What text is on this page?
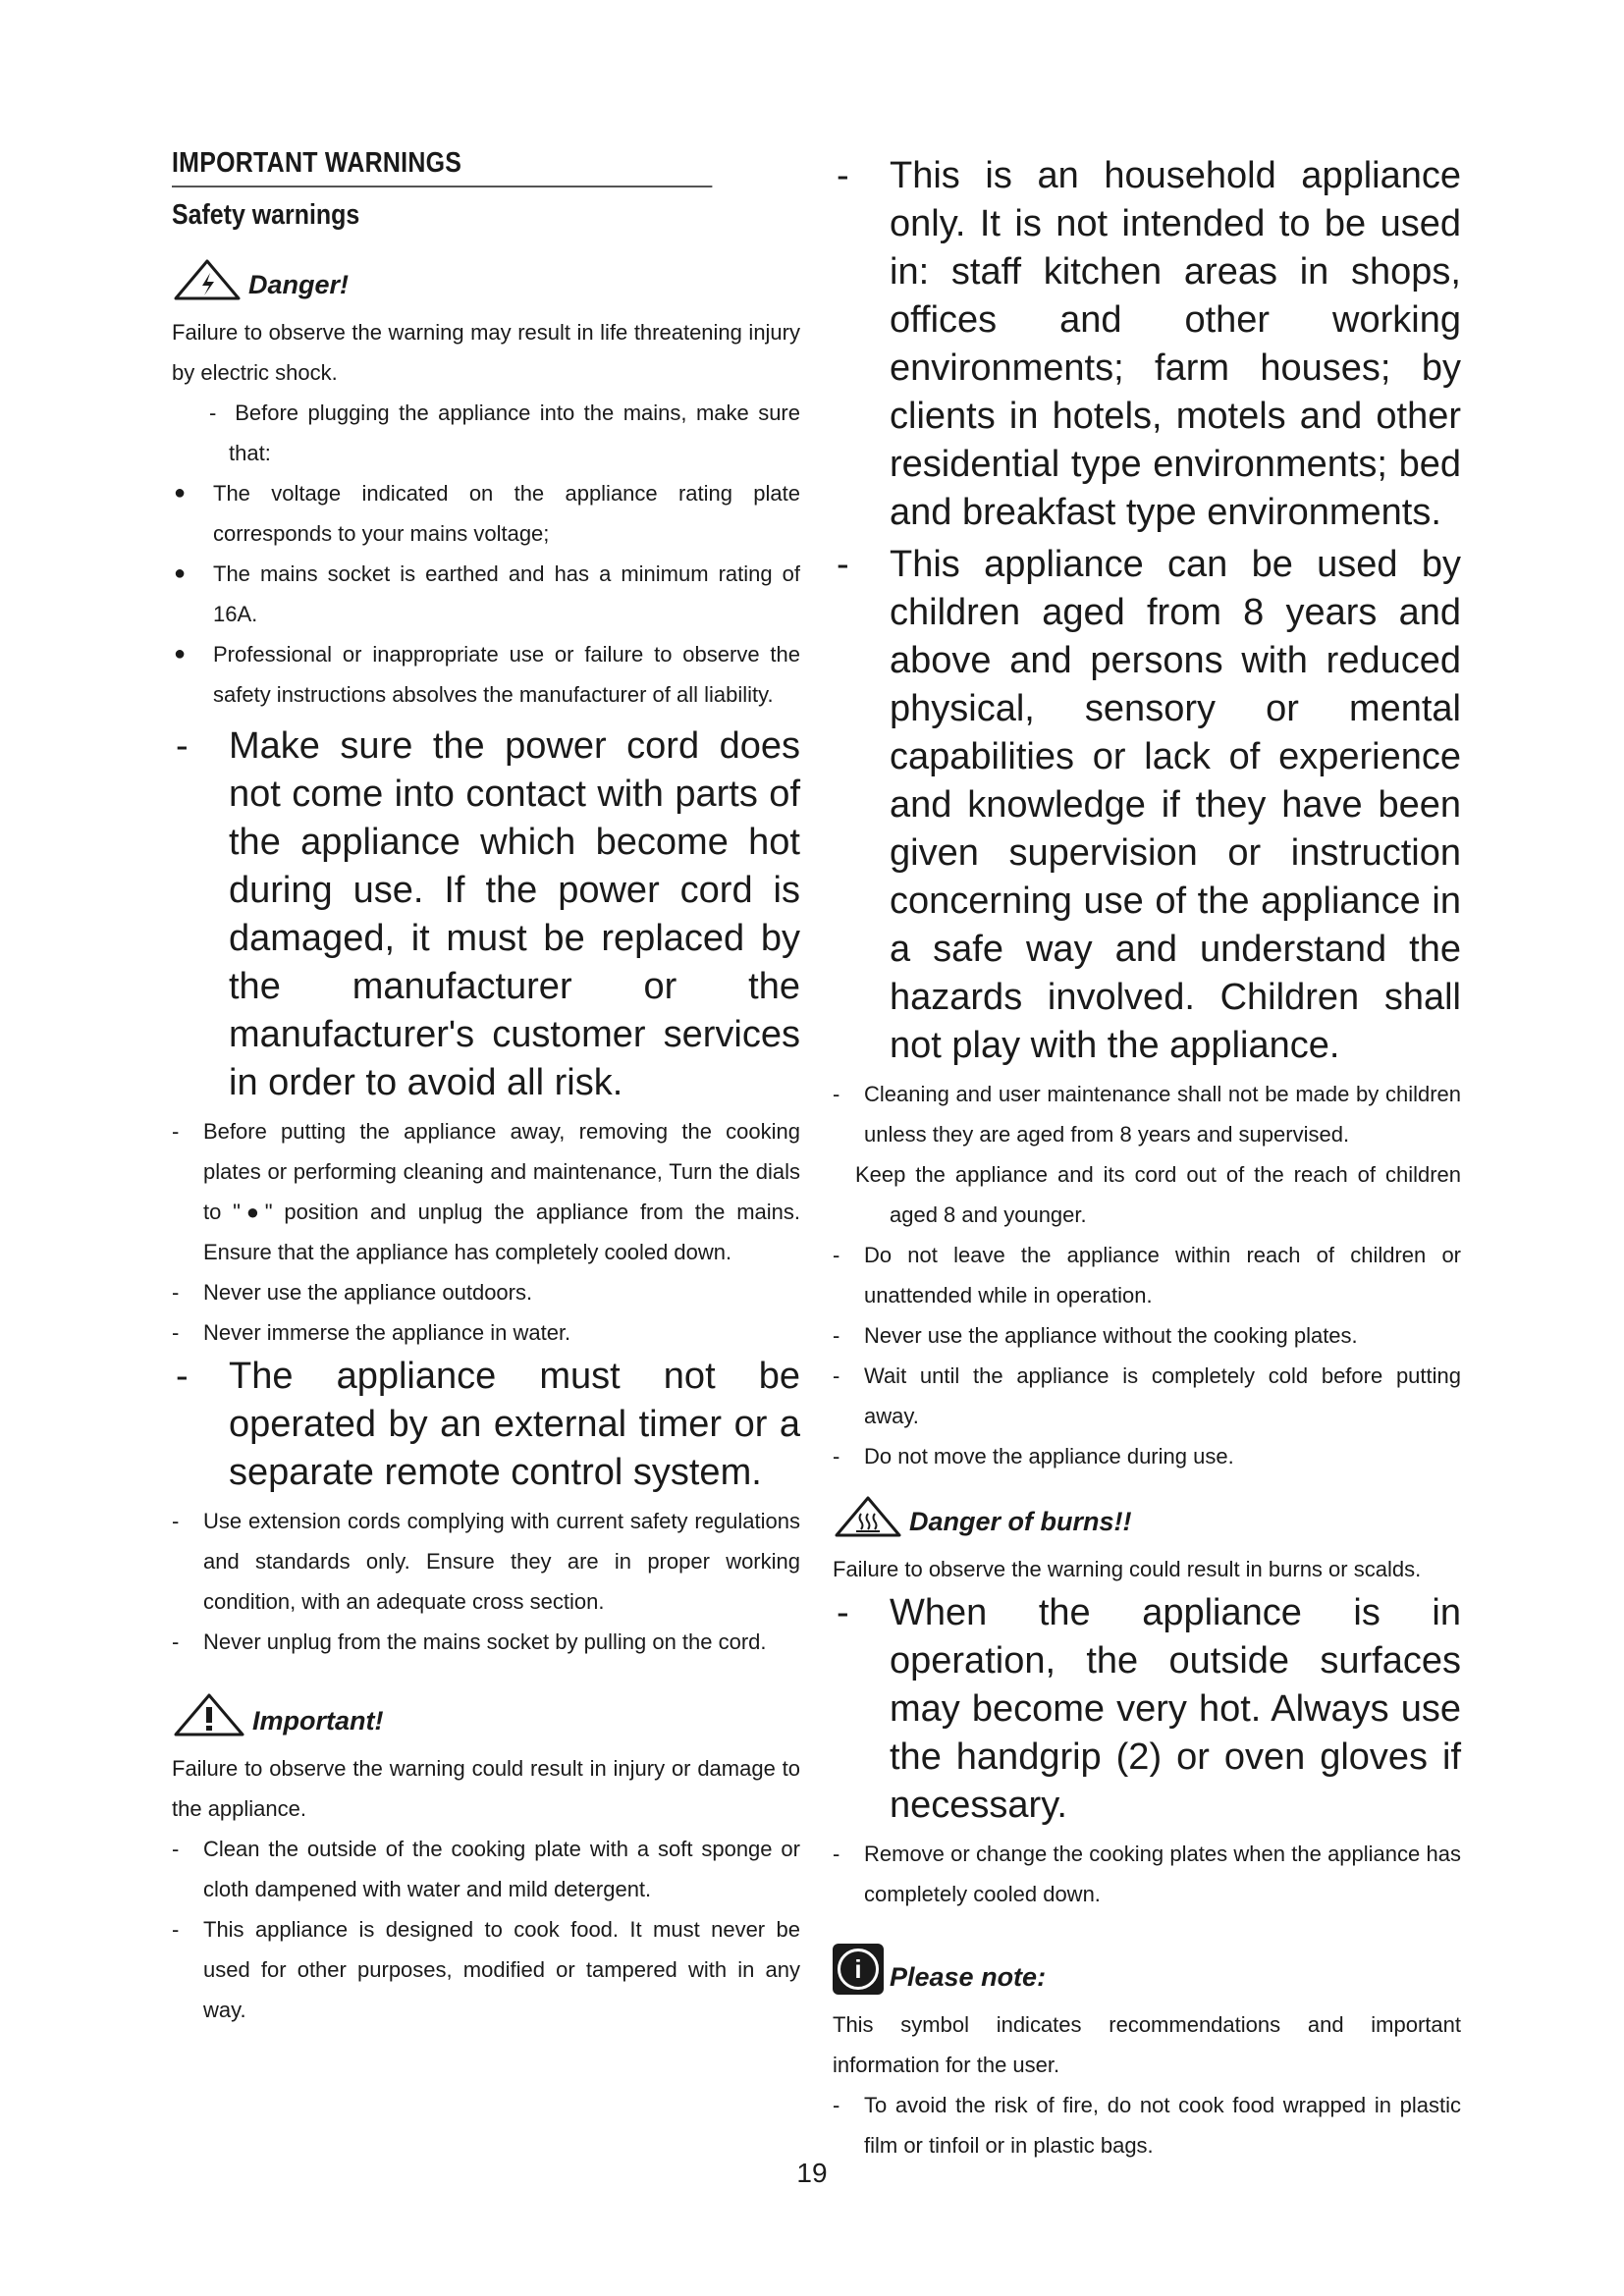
IMPORTANT WARNINGS
Safety warnings
Danger!

Failure to observe the warning may result in life threatening injury by electric shock.

-  Before plugging the appliance into the mains, make sure that:
● The voltage indicated on the appliance rating plate corresponds to your mains voltage;
● The mains socket is earthed and has a minimum rating of 16A.
● Professional or inappropriate use or failure to observe the safety instructions absolves the manufacturer of all liability.
- Make sure the power cord does not come into contact with parts of the appliance which become hot during use. If the power cord is damaged, it must be replaced by the manufacturer or the manufacturer's customer services in order to avoid all risk.
- Before putting the appliance away, removing the cooking plates or performing cleaning and maintenance, Turn the dials to "●" position and unplug the appliance from the mains. Ensure that the appliance has completely cooled down.
- Never use the appliance outdoors.
- Never immerse the appliance in water.
- The appliance must not be operated by an external timer or a separate remote control system.
- Use extension cords complying with current safety regulations and standards only. Ensure they are in proper working condition, with an adequate cross section.
- Never unplug from the mains socket by pulling on the cord.
Important!

Failure to observe the warning could result in injury or damage to the appliance.

- Clean the outside of the cooking plate with a soft sponge or cloth dampened with water and mild detergent.
- This appliance is designed to cook food. It must never be used for other purposes, modified or tampered with in any way.
- This is an household appliance only. It is not intended to be used in: staff kitchen areas in shops, offices and other working environments; farm houses; by clients in hotels, motels and other residential type environments; bed and breakfast type environments.
- This appliance can be used by children aged from 8 years and above and persons with reduced physical, sensory or mental capabilities or lack of experience and knowledge if they have been given supervision or instruction concerning use of the appliance in a safe way and understand the hazards involved. Children shall not play with the appliance.
- Cleaning and user maintenance shall not be made by children unless they are aged from 8 years and supervised.

Keep the appliance and its cord out of the reach of children aged 8 and younger.

- Do not leave the appliance within reach of children or unattended while in operation.
- Never use the appliance without the cooking plates.
- Wait until the appliance is completely cold before putting away.
- Do not move the appliance during use.
Danger of burns!!

Failure to observe the warning could result in burns or scalds.

- When the appliance is in operation, the outside surfaces may become very hot. Always use the handgrip (2) or oven gloves if necessary.
- Remove or change the cooking plates when the appliance has completely cooled down.
i	Please note:

This symbol indicates recommendations and important information for the user.

- To avoid the risk of fire, do not cook food wrapped in plastic film or tinfoil or in plastic bags.
19
